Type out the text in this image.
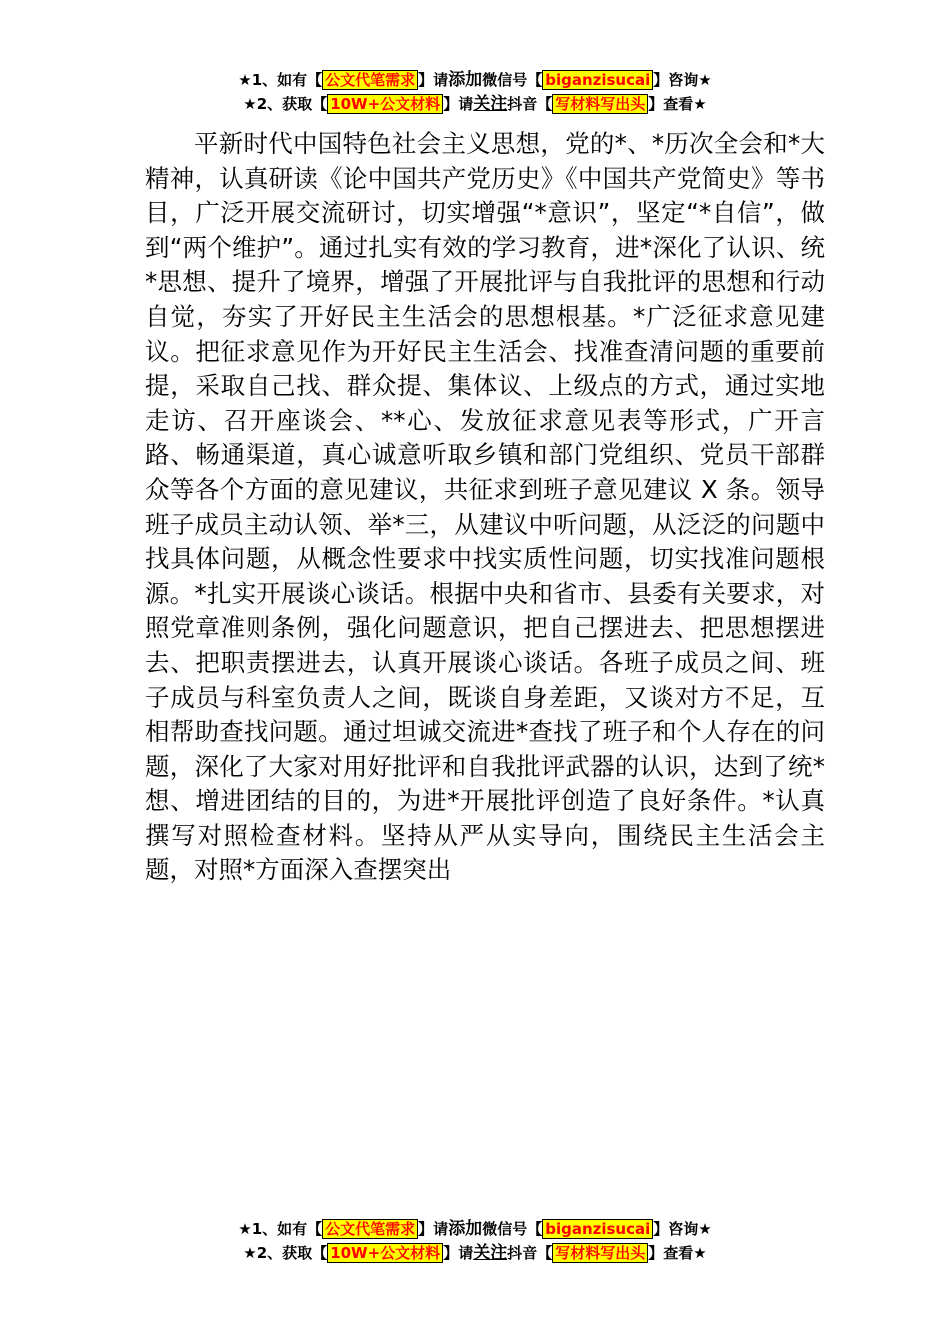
★1、如有【 公文代笔需求 】请添加微信号【 biganzisucai 】咨询★
★2、获取【 10W+公文材料 】请关注抖音【 写材料写出头 】查看★

平新时代中国特色社会主义思想，党的*、*历次全会和*大精神，认真研读《论中国共产党历史》《中国共产党简史》等书目，广泛开展交流研讨，切实增强“*意识”，坚定“*自信”，做到“两个维护”。通过扎实有效的学习教育，进*深化了认识、统*思想、提升了境界，增强了开展批评与自我批评的思想和行动自觉，夯实了开好民主生活会的思想根基。*广泛征求意见建议。把征求意见作为开好民主生活会、找准查清问题的重要前提，采取自己找、群众提、集体议、上级点的方式，通过实地走访、召开座谈会、**心、发放征求意见表等形式，广开言路、畅通渠道，真心诚意听取乡镇和部门党组织、党员干部群众等各个方面的意见建议，共征求到班子意见建议 X 条。领导班子成员主动认领、举*三，从建议中听问题，从泛泛的问题中找具体问题，从概念性要求中找实质性问题，切实找准问题根源。*扎实开展谈心谈话。根据中央和省市、县委有关要求，对照党章准则条例，强化问题意识，把自己摆进去、把思想摆进去、把职责摆进去，认真开展谈心谈话。各班子成员之间、班子成员与科室负责人之间，既谈自身差距，又谈对方不足，互相帮助查找问题。通过坦诚交流进*查找了班子和个人存在的问题，深化了大家对用好批评和自我批评武器的认识，达到了统*想、增进团结的目的，为进*开展批评创造了良好条件。*认真撰写对照检查材料。坚持从严从实导向，围绕民主生活会主题，对照*方面深入查摆突出

★1、如有【 公文代笔需求 】请添加微信号【 biganzisucai 】咨询★
★2、获取【 10W+公文材料 】请关注抖音【 写材料写出头 】查看★
